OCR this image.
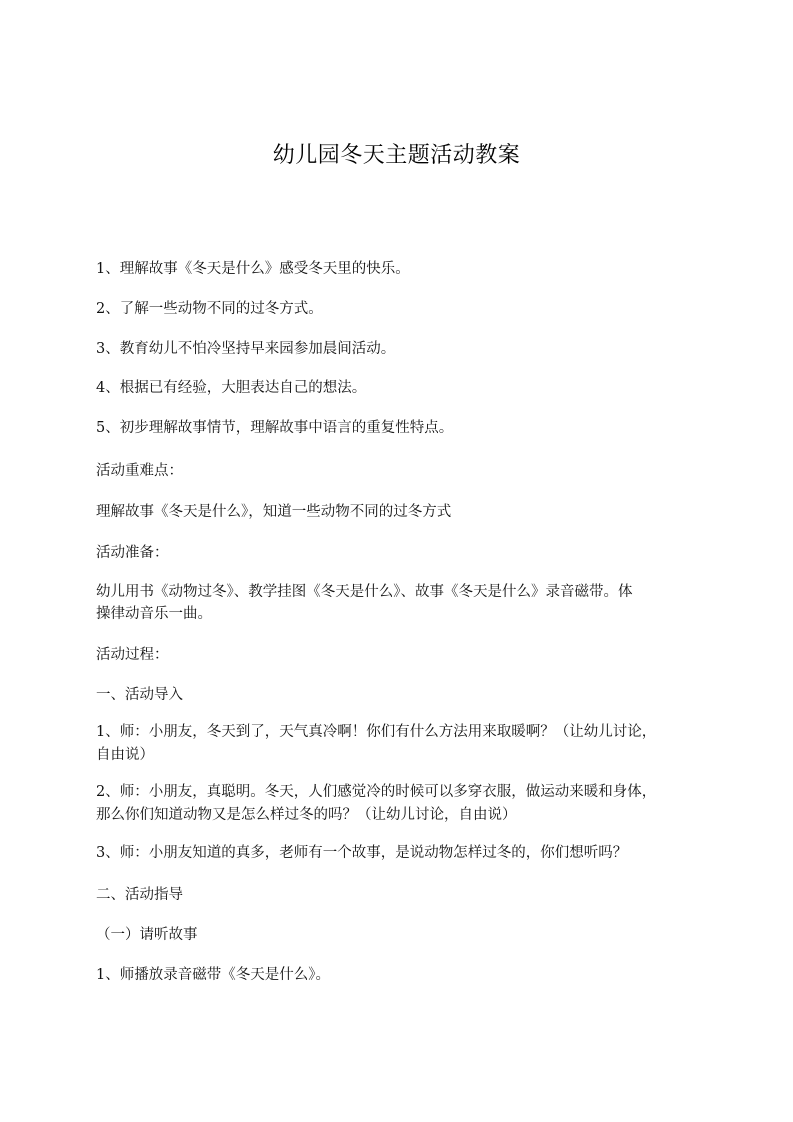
幼儿园冬天主题活动教案
1、理解故事《冬天是什么》感受冬天里的快乐。
2、了解一些动物不同的过冬方式。
3、教育幼儿不怕冷坚持早来园参加晨间活动。
4、根据已有经验，大胆表达自己的想法。
5、初步理解故事情节，理解故事中语言的重复性特点。
活动重难点：
理解故事《冬天是什么》，知道一些动物不同的过冬方式
活动准备：
幼儿用书《动物过冬》、教学挂图《冬天是什么》、故事《冬天是什么》录音磁带。体
操律动音乐一曲。
活动过程：
一、活动导入
1、师：小朋友，冬天到了，天气真冷啊！你们有什么方法用来取暖啊？（让幼儿讨论，
自由说）
2、师：小朋友，真聪明。冬天，人们感觉冷的时候可以多穿衣服，做运动来暖和身体，
那么你们知道动物又是怎么样过冬的吗？（让幼儿讨论，自由说）
3、师：小朋友知道的真多，老师有一个故事，是说动物怎样过冬的，你们想听吗？
二、活动指导
（一）请听故事
1、师播放录音磁带《冬天是什么》。
